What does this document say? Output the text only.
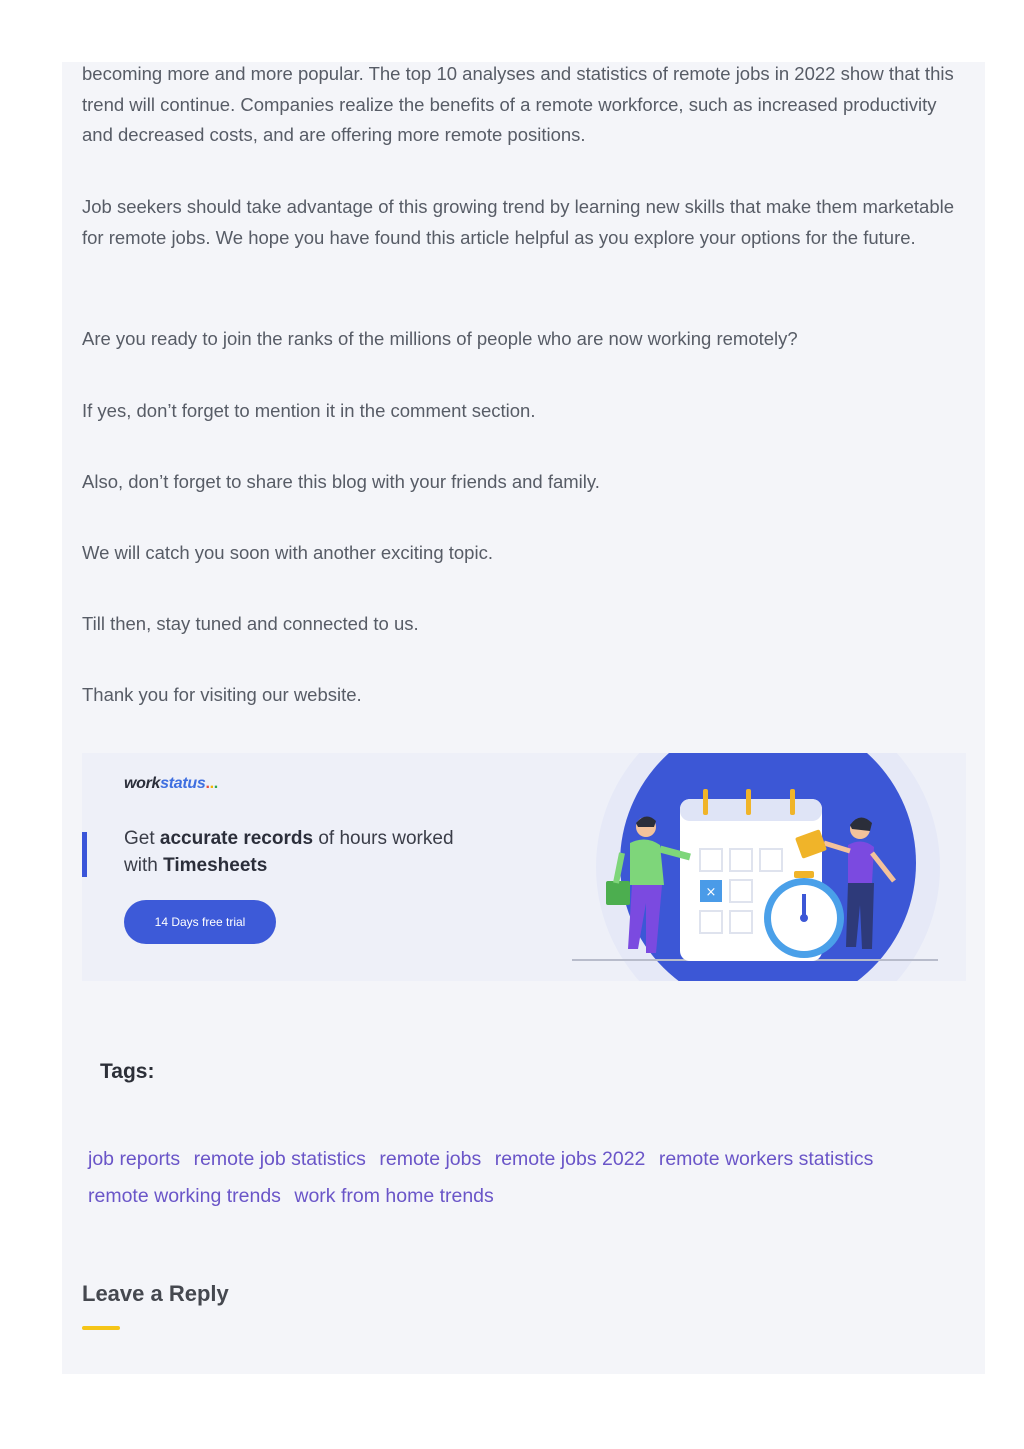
becoming more and more popular. The top 10 analyses and statistics of remote jobs in 2022 show that this trend will continue. Companies realize the benefits of a remote workforce, such as increased productivity and decreased costs, and are offering more remote positions.

Job seekers should take advantage of this growing trend by learning new skills that make them marketable for remote jobs. We hope you have found this article helpful as you explore your options for the future.

Are you ready to join the ranks of the millions of people who are now working remotely?

If yes, don’t forget to mention it in the comment section.

Also, don’t forget to share this blog with your friends and family.

We will catch you soon with another exciting topic.

Till then, stay tuned and connected to us.

Thank you for visiting our website.

workstatus...
Get accurate records of hours worked with Timesheets
14 Days free trial
×
Tags:
job reports remote job statistics remote jobs remote jobs 2022 remote workers statistics
remote working trends work from home trends
Leave a Reply
